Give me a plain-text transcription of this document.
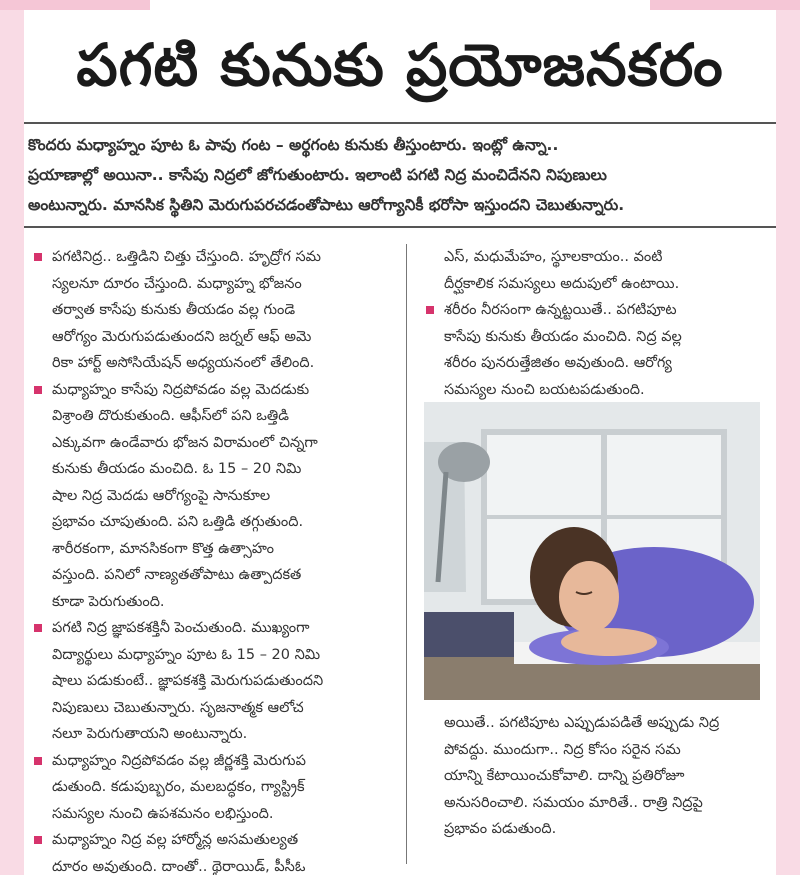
పగటి కునుకు ప్రయోజనకరం
కొందరు మధ్యాహ్నం పూట ఓ పావు గంట – అర్థగంట కునుకు తీస్తుంటారు. ఇంట్లో ఉన్నా..
ప్రయాణాల్లో అయినా.. కాసేపు నిద్రలో జోగుతుంటారు. ఇలాంటి పగటి నిద్ర మంచిదేనని నిపుణులు
అంటున్నారు. మానసిక స్థితిని మెరుగుపరచడంతోపాటు ఆరోగ్యానికీ భరోసా ఇస్తుందని చెబుతున్నారు.
పగటినిద్ర.. ఒత్తిడిని చిత్తు చేస్తుంది. హృద్రోగ సమ
స్యలనూ దూరం చేస్తుంది. మధ్యాహ్న భోజనం
తర్వాత కాసేపు కునుకు తీయడం వల్ల గుండె
ఆరోగ్యం మెరుగుపడుతుందని జర్నల్ ఆఫ్ అమె
రికా హార్ట్ అసోసియేషన్ అధ్యయనంలో తేలింది.
మధ్యాహ్నం కాసేపు నిద్రపోవడం వల్ల మెదడుకు
విశ్రాంతి దొరుకుతుంది. ఆఫీస్‌లో పని ఒత్తిడి
ఎక్కువగా ఉండేవారు భోజన విరామంలో చిన్నగా
కునుకు తీయడం మంచిది. ఓ 15 – 20 నిమి
షాల నిద్ర మెదడు ఆరోగ్యంపై సానుకూల
ప్రభావం చూపుతుంది. పని ఒత్తిడి తగ్గుతుంది.
శారీరకంగా, మానసికంగా కొత్త ఉత్సాహం
వస్తుంది. పనిలో నాణ్యతతోపాటు ఉత్పాదకత
కూడా పెరుగుతుంది.
పగటి నిద్ర జ్ఞాపకశక్తినీ పెంచుతుంది. ముఖ్యంగా
విద్యార్థులు మధ్యాహ్నం పూట ఓ 15 – 20 నిమి
షాలు పడుకుంటే.. జ్ఞాపకశక్తి మెరుగుపడుతుందని
నిపుణులు చెబుతున్నారు. సృజనాత్మక ఆలోచ
నలూ పెరుగుతాయని అంటున్నారు.
మధ్యాహ్నం నిద్రపోవడం వల్ల జీర్ణశక్తి మెరుగుప
డుతుంది. కడుపుబ్బరం, మలబద్ధకం, గ్యాస్ట్రిక్
సమస్యల నుంచి ఉపశమనం లభిస్తుంది.
మధ్యాహ్నం నిద్ర వల్ల హార్మోన్ల అసమతుల్యత
దూరం అవుతుంది. దాంతో.. థైరాయిడ్, పీసీఓ
ఎస్, మధుమేహం, స్థూలకాయం.. వంటి
దీర్ఘకాలిక సమస్యలు అదుపులో ఉంటాయి.
శరీరం నీరసంగా ఉన్నట్టయితే.. పగటిపూట
కాసేపు కునుకు తీయడం మంచిది. నిద్ర వల్ల
శరీరం పునరుత్తేజితం అవుతుంది. ఆరోగ్య
సమస్యల నుంచి బయటపడుతుంది.
అయితే.. పగటిపూట ఎప్పుడుపడితే అప్పుడు నిద్ర
పోవద్దు. ముందుగా.. నిద్ర కోసం సరైన సమ
యాన్ని కేటాయించుకోవాలి. దాన్ని ప్రతిరోజూ
అనుసరించాలి. సమయం మారితే.. రాత్రి నిద్రపై
ప్రభావం పడుతుంది.
